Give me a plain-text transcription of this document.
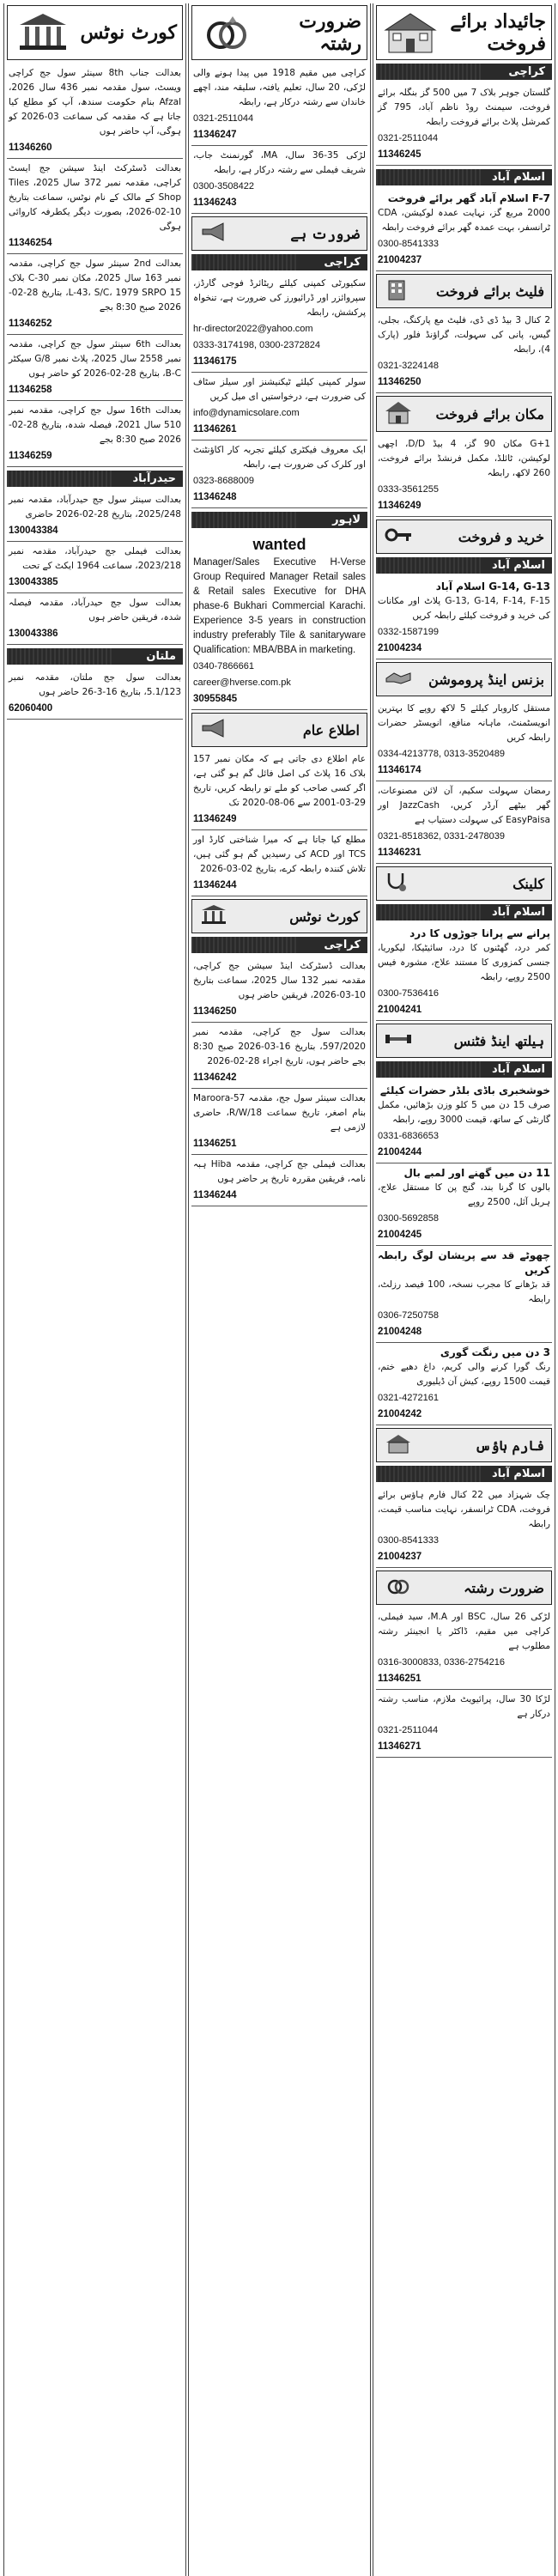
جائیداد برائے فروخت
کراچی
گلستان جوہر بلاک 7 میں 500 گز بنگلہ برائے فروخت، سیمنٹ روڈ ناظم آباد، 795 گز کمرشل پلاٹ برائے فروخت رابطہ
0321-2511044
11346245
اسلام آباد
F-7 اسلام آباد گھر برائے فروخت
2000 مربع گز، نہایت عمدہ لوکیشن، CDA ٹرانسفر، بہت عمدہ گھر برائے فروخت رابطہ
0300-8541333
21004237
فلیٹ برائے فروخت
2 کنال 3 بیڈ ڈی ڈی، فلیٹ مع پارکنگ، بجلی، گیس، پانی کی سہولت، گراؤنڈ فلور (پارک 4)، رابطہ
0321-3224148
11346250
مکان برائے فروخت
G+1 مکان 90 گز، 4 بیڈ D/D، اچھی لوکیشن، ٹائلڈ، مکمل فرنشڈ برائے فروخت، 260 لاکھ، رابطہ
0333-3561255
11346249
خرید و فروخت
اسلام آباد
G-14, G-13 اسلام آباد
G-13, G-14, F-14, F-15 پلاٹ اور مکانات کی خرید و فروخت کیلئے رابطہ کریں
0332-1587199
21004234
بزنس اینڈ پروموشن
مستقل کاروبار کیلئے 5 لاکھ روپے کا بہترین انویسٹمنٹ، ماہانہ منافع، انویسٹر حضرات رابطہ کریں
0334-4213778, 0313-3520489
11346174
رمضان سہولت سکیم، آن لائن مصنوعات، گھر بیٹھے آرڈر کریں، JazzCash اور EasyPaisa کی سہولت دستیاب ہے
0321-8518362, 0331-2478039
11346231
کلینک
اسلام آباد
پرانے سے پرانا جوڑوں کا درد
کمر درد، گھٹنوں کا درد، سائیٹیکا، لیکوریا، جنسی کمزوری کا مستند علاج، مشورہ فیس 2500 روپے، رابطہ
0300-7536416
21004241
ہیلتھ اینڈ فٹنس
اسلام آباد
خوشخبری باڈی بلڈر حضرات کیلئے
صرف 15 دن میں 5 کلو وزن بڑھائیں، مکمل گارنٹی کے ساتھ، قیمت 3000 روپے، رابطہ
0331-6836653
21004244
11 دن میں گھنے اور لمبے بال
بالوں کا گرنا بند، گنج پن کا مستقل علاج، ہربل آئل، 2500 روپے
0300-5692858
21004245
چھوٹے قد سے پریشان لوگ رابطہ کریں
قد بڑھانے کا مجرب نسخہ، 100 فیصد رزلٹ، رابطہ
0306-7250758
21004248
3 دن میں رنگت گوری
رنگ گورا کرنے والی کریم، داغ دھبے ختم، قیمت 1500 روپے، کیش آن ڈیلیوری
0321-4272161
21004242
فارم ہاؤس
اسلام آباد
چک شہزاد میں 22 کنال فارم ہاؤس برائے فروخت، CDA ٹرانسفر، نہایت مناسب قیمت، رابطہ
0300-8541333
21004237
ضرورت رشتہ
لڑکی 26 سال، BSC اور M.A، سید فیملی، کراچی میں مقیم، ڈاکٹر یا انجینئر رشتہ مطلوب ہے
0316-3000833, 0336-2754216
11346251
لڑکا 30 سال، پرائیویٹ ملازم، مناسب رشتہ درکار ہے
0321-2511044
11346271
ضرورت رشتہ
کراچی میں مقیم 1918 میں پیدا ہونے والی لڑکی، 20 سال، تعلیم یافتہ، سلیقہ مند، اچھے خاندان سے رشتہ درکار ہے، رابطہ
0321-2511044
11346247
لڑکی 35-36 سال، MA، گورنمنٹ جاب، شریف فیملی سے رشتہ درکار ہے، رابطہ
0300-3508422
11346243
ضرورت ہے
کراچی
سکیورٹی کمپنی کیلئے ریٹائرڈ فوجی گارڈز، سپروائزر اور ڈرائیورز کی ضرورت ہے، تنخواہ پرکشش، رابطہ
hr-director2022@yahoo.com
0333-3174198, 0300-2372824
11346175
سولر کمپنی کیلئے ٹیکنیشنز اور سیلز سٹاف کی ضرورت ہے، درخواستیں ای میل کریں
info@dynamicsolare.com
11346261
ایک معروف فیکٹری کیلئے تجربہ کار اکاؤنٹنٹ اور کلرک کی ضرورت ہے، رابطہ
0323-8688009
11346248
لاہور
wanted
Manager/Sales Executive H-Verse Group Required Manager Retail sales & Retail sales Executive for DHA phase-6 Bukhari Commercial Karachi. Experience 3-5 years in construction industry preferably Tile & sanitaryware Qualification: MBA/BBA in marketing.
0340-7866661
career@hverse.com.pk
30955845
اطلاع عام
عام اطلاع دی جاتی ہے کہ مکان نمبر 157 بلاک 16 پلاٹ کی اصل فائل گم ہو گئی ہے، اگر کسی صاحب کو ملے تو رابطہ کریں، تاریخ 29-03-2001 سے 06-08-2020 تک
11346249
مطلع کیا جاتا ہے کہ میرا شناختی کارڈ اور TCS اور ACD کی رسیدیں گم ہو گئی ہیں، تلاش کنندہ رابطہ کرے، بتاریخ 02-03-2026
11346244
کورٹ نوٹس
کراچی
بعدالت ڈسٹرکٹ اینڈ سیشن جج کراچی، مقدمہ نمبر 132 سال 2025، سماعت بتاریخ 10-03-2026، فریقین حاضر ہوں
11346250
بعدالت سول جج کراچی، مقدمہ نمبر 597/2020، بتاریخ 16-03-2026 صبح 8:30 بجے حاضر ہوں، تاریخ اجراء 28-02-2026
11346242
بعدالت سینئر سول جج، مقدمہ Maroora-57 بنام اصغر، تاریخ سماعت 18/R/W، حاضری لازمی ہے
11346251
بعدالت فیملی جج کراچی، مقدمہ Hiba ہبہ نامہ، فریقین مقررہ تاریخ پر حاضر ہوں
11346244
کورٹ نوٹس
بعدالت جناب 8th سینئر سول جج کراچی ویسٹ، سول مقدمہ نمبر 436 سال 2026، Afzal بنام حکومت سندھ، آپ کو مطلع کیا جاتا ہے کہ مقدمہ کی سماعت 03-2026 کو ہوگی، آپ حاضر ہوں
11346260
بعدالت ڈسٹرکٹ اینڈ سیشن جج ایسٹ کراچی، مقدمہ نمبر 372 سال 2025، Tiles Shop کے مالک کے نام نوٹس، سماعت بتاریخ 10-02-2026، بصورت دیگر یکطرفہ کاروائی ہوگی
11346254
بعدالت 2nd سینئر سول جج کراچی، مقدمہ نمبر 163 سال 2025، مکان نمبر C-30 بلاک L-43، S/C، 1979 SRPO 15، بتاریخ 28-02-2026 صبح 8:30 بجے
11346252
بعدالت 6th سینئر سول جج کراچی، مقدمہ نمبر 2558 سال 2025، پلاٹ نمبر 8/G سیکٹر B-C، بتاریخ 28-02-2026 کو حاضر ہوں
11346258
بعدالت 16th سول جج کراچی، مقدمہ نمبر 510 سال 2021، فیصلہ شدہ، بتاریخ 28-02-2026 صبح 8:30 بجے
11346259
حیدرآباد
بعدالت سینئر سول جج حیدرآباد، مقدمہ نمبر 2025/248، بتاریخ 28-02-2026 حاضری
130043384
بعدالت فیملی جج حیدرآباد، مقدمہ نمبر 2023/218، سماعت 1964 ایکٹ کے تحت
130043385
بعدالت سول جج حیدرآباد، مقدمہ فیصلہ شدہ، فریقین حاضر ہوں
130043386
ملتان
بعدالت سول جج ملتان، مقدمہ نمبر 5.1/123، بتاریخ 16-3-26 حاضر ہوں
62060400
